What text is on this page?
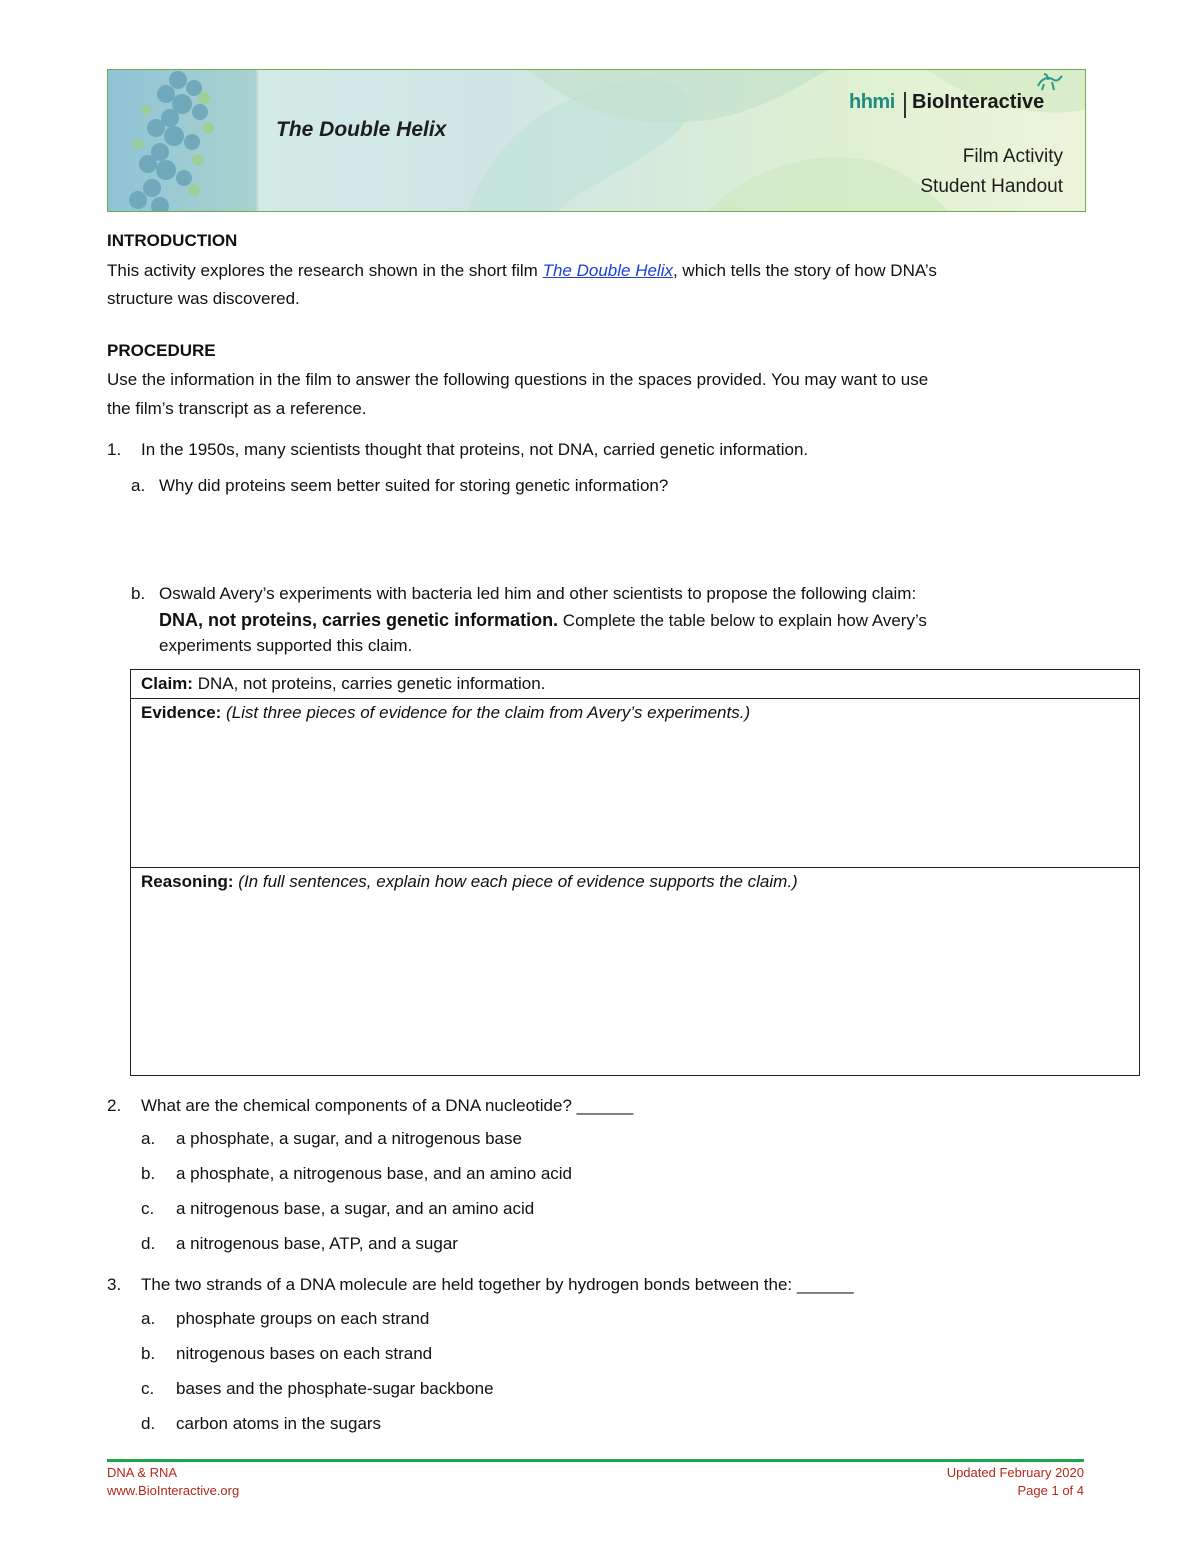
The Double Helix
hhmi BioInteractive
Film Activity
Student Handout
INTRODUCTION
This activity explores the research shown in the short film The Double Helix, which tells the story of how DNA’s
structure was discovered.
PROCEDURE
Use the information in the film to answer the following questions in the spaces provided. You may want to use
the film’s transcript as a reference.
1. In the 1950s, many scientists thought that proteins, not DNA, carried genetic information.
a. Why did proteins seem better suited for storing genetic information?
b. Oswald Avery’s experiments with bacteria led him and other scientists to propose the following claim:
DNA, not proteins, carries genetic information. Complete the table below to explain how Avery’s
experiments supported this claim.
Claim: DNA, not proteins, carries genetic information.
Evidence: (List three pieces of evidence for the claim from Avery’s experiments.)
Reasoning: (In full sentences, explain how each piece of evidence supports the claim.)
2. What are the chemical components of a DNA nucleotide? ______
a. a phosphate, a sugar, and a nitrogenous base
b. a phosphate, a nitrogenous base, and an amino acid
c. a nitrogenous base, a sugar, and an amino acid
d. a nitrogenous base, ATP, and a sugar
3. The two strands of a DNA molecule are held together by hydrogen bonds between the: ______
a. phosphate groups on each strand
b. nitrogenous bases on each strand
c. bases and the phosphate-sugar backbone
d. carbon atoms in the sugars
DNA & RNA
www.BioInteractive.org
Updated February 2020
Page 1 of 4
